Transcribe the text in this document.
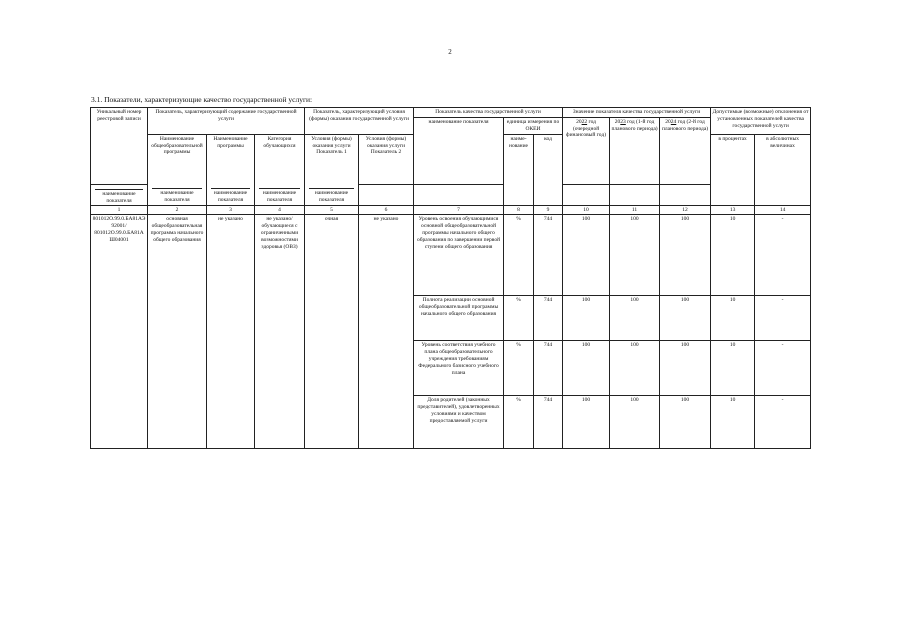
2
3.1. Показатели, характеризующие качество государственной услуги:
Уникальный номер реестровой записи	Показатель, характеризующий содержание государственной услуги			Показатель, характеризующий условия (формы) оказания государственной услуги		Показатель качества государственной услуги			Значение показателя качества государственной услуги			Допустимые (возможные) отклонения от установленных показателей качества государственной услуги	
						наименование показателя	единица измерения по ОКЕИ		2022 год (очередной финансовый год)	2023 год (1-й год планового периода)	2024 год (2-й год планового периода)		
	Наименование общеобразовательной программы	Наименование программы	Категория обучающихся	Условия (формы) оказания услуги Показатель 1	Условия (формы) оказания услуги Показатель 2		наиме-нование	код				в процентах	в абсолютных величинах

наименование показателя	наименование показателя	наименование показателя	наименование показателя	наименование показателя									
1	2	3	4	5	6	7	8	9	10	11	12	13	14
801012О.99.0.БА81АЭ92001/ 801012О.99.0.БА81АШ04001	основная общеобразовательная программа начального общего образования	не указано	не указано/ обучающиеся с ограниченными возможностями здоровья (ОВЗ)	очная	не указано	Уровень освоения обучающимися основной общеобразовательной программы начального общего образования по завершении первой ступени общего образования	%	744	100	100	100	10	-
						Полнота реализации основной общеобразовательной программы начального общего образования	%	744	100	100	100	10	-
						Уровень соответствия учебного плана общеобразовательного учреждения требованиям Федерального базисного учебного плана	%	744	100	100	100	10	-
						Доля родителей (законных представителей), удовлетворенных условиями и качеством предоставляемой услуги	%	744	100	100	100	10	-
